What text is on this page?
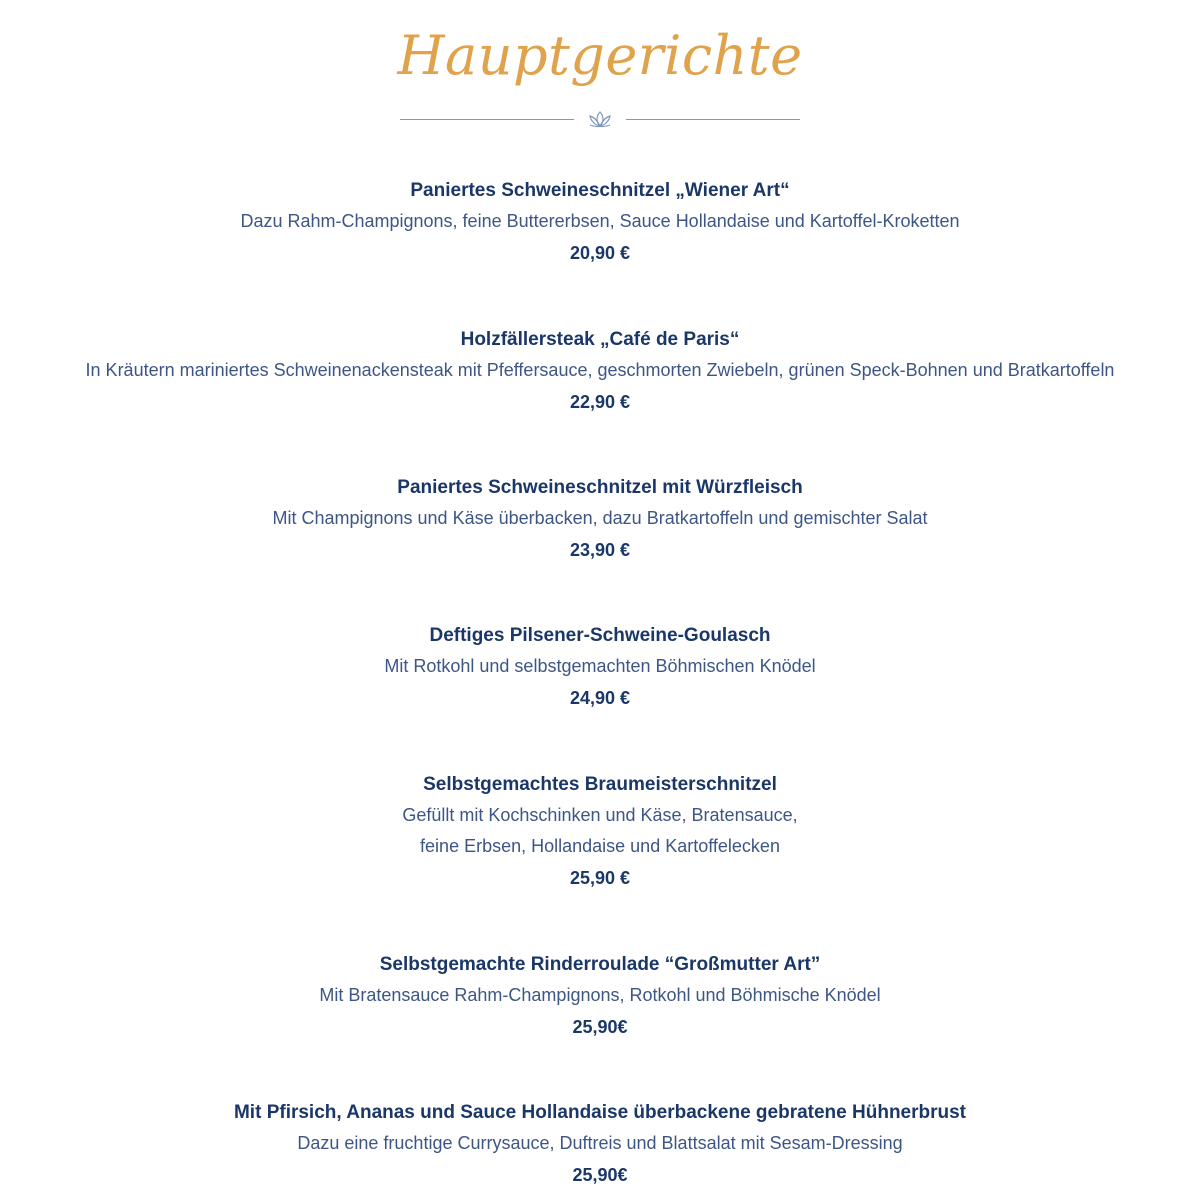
Hauptgerichte

Paniertes Schweineschnitzel „Wiener Art“

Dazu Rahm-Champignons, feine Buttererbsen, Sauce Hollandaise und Kartoffel-Kroketten

20,90 €

Holzfällersteak „Café de Paris“

In Kräutern mariniertes Schweinenackensteak mit Pfeffersauce, geschmorten Zwiebeln, grünen Speck-Bohnen und Bratkartoffeln

22,90 €

Paniertes Schweineschnitzel mit Würzfleisch

Mit Champignons und Käse überbacken, dazu Bratkartoffeln und gemischter Salat

23,90 €

Deftiges Pilsener-Schweine-Goulasch

Mit Rotkohl und selbstgemachten Böhmischen Knödel

24,90 €

Selbstgemachtes Braumeisterschnitzel

Gefüllt mit Kochschinken und Käse, Bratensauce,

feine Erbsen, Hollandaise und Kartoffelecken

25,90 €

Selbstgemachte Rinderroulade “Großmutter Art”

Mit Bratensauce Rahm-Champignons, Rotkohl und Böhmische Knödel

25,90€

Mit Pfirsich, Ananas und Sauce Hollandaise überbackene gebratene Hühnerbrust

Dazu eine fruchtige Currysauce, Duftreis und Blattsalat mit Sesam-Dressing

25,90€
